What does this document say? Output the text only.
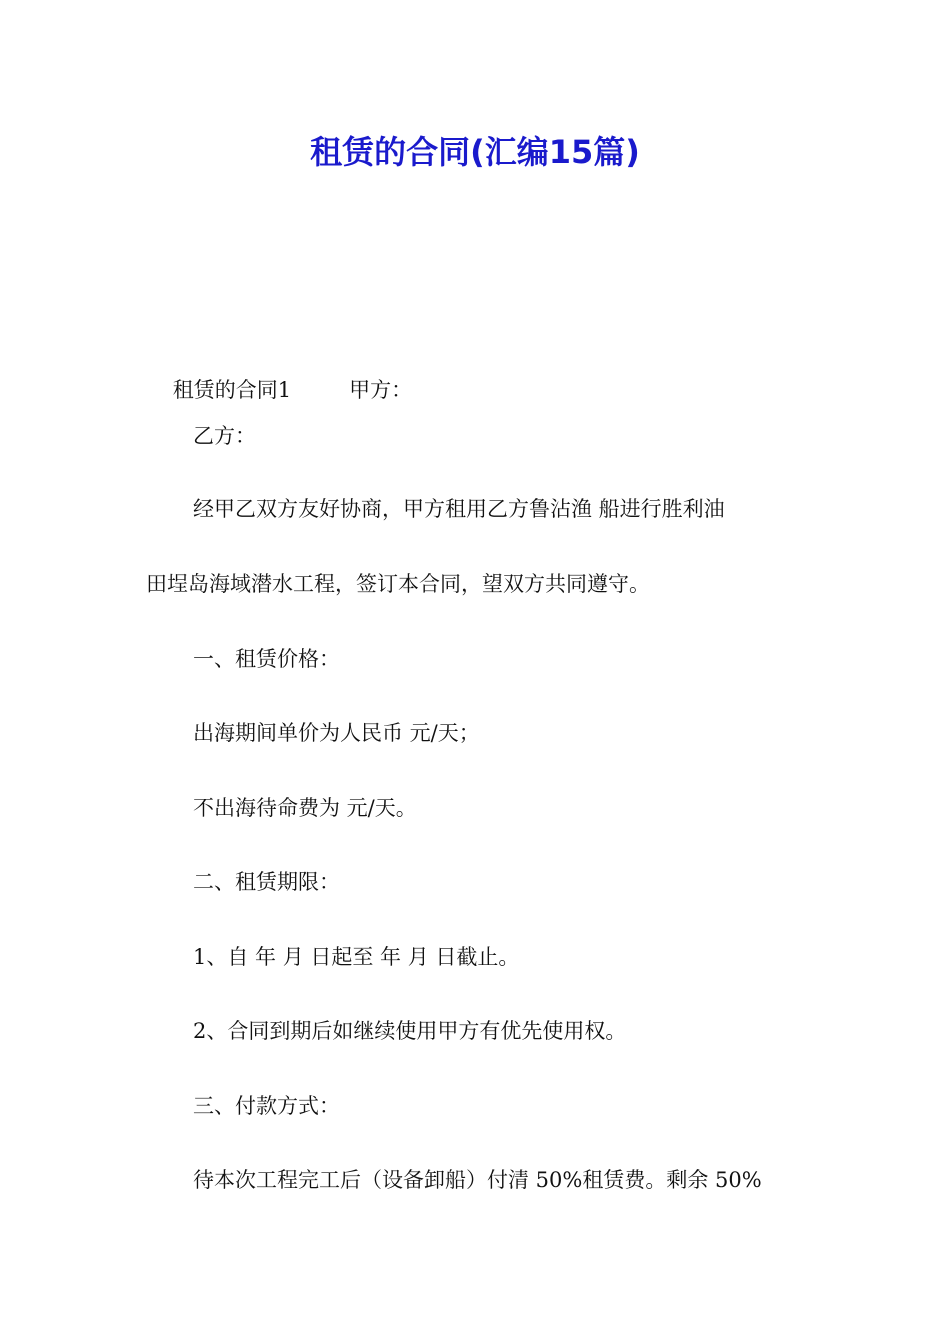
租赁的合同(汇编15篇)

租赁的合同1	甲方：

乙方：
经甲乙双方友好协商，甲方租用乙方鲁沾渔 船进行胜利油
田埕岛海域潜水工程，签订本合同，望双方共同遵守。
一、租赁价格：
出海期间单价为人民币 元/天；
不出海待命费为 元/天。
二、租赁期限：
1、自 年 月 日起至 年 月 日截止。
2、合同到期后如继续使用甲方有优先使用权。
三、付款方式：
待本次工程完工后（设备卸船）付清 50%租赁费。剩余 50%
